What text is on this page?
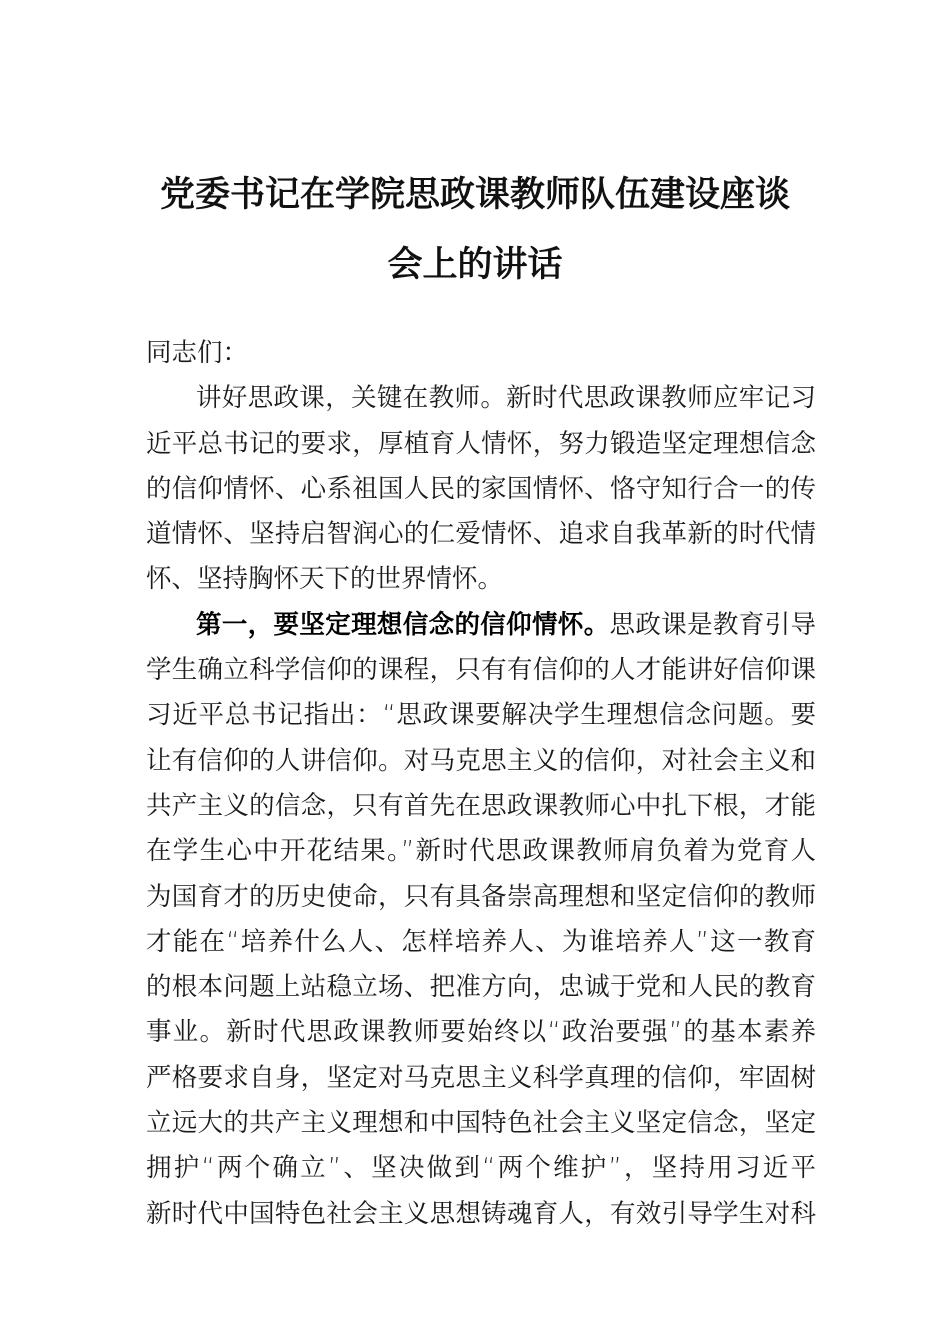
党委书记在学院思政课教师队伍建设座谈
会上的讲话
同志们：
讲好思政课，关键在教师。新时代思政课教师应牢记习
近平总书记的要求，厚植育人情怀，努力锻造坚定理想信念
的信仰情怀、心系祖国人民的家国情怀、恪守知行合一的传
道情怀、坚持启智润心的仁爱情怀、追求自我革新的时代情
怀、坚持胸怀天下的世界情怀。
第一，要坚定理想信念的信仰情怀。思政课是教育引导
学生确立科学信仰的课程，只有有信仰的人才能讲好信仰课
习近平总书记指出：“思政课要解决学生理想信念问题。要
让有信仰的人讲信仰。对马克思主义的信仰，对社会主义和
共产主义的信念，只有首先在思政课教师心中扎下根，才能
在学生心中开花结果。”新时代思政课教师肩负着为党育人
为国育才的历史使命，只有具备崇高理想和坚定信仰的教师
才能在“培养什么人、怎样培养人、为谁培养人”这一教育
的根本问题上站稳立场、把准方向，忠诚于党和人民的教育
事业。新时代思政课教师要始终以“政治要强”的基本素养
严格要求自身，坚定对马克思主义科学真理的信仰，牢固树
立远大的共产主义理想和中国特色社会主义坚定信念，坚定
拥护“两个确立”、坚决做到“两个维护”，坚持用习近平
新时代中国特色社会主义思想铸魂育人，有效引导学生对科
